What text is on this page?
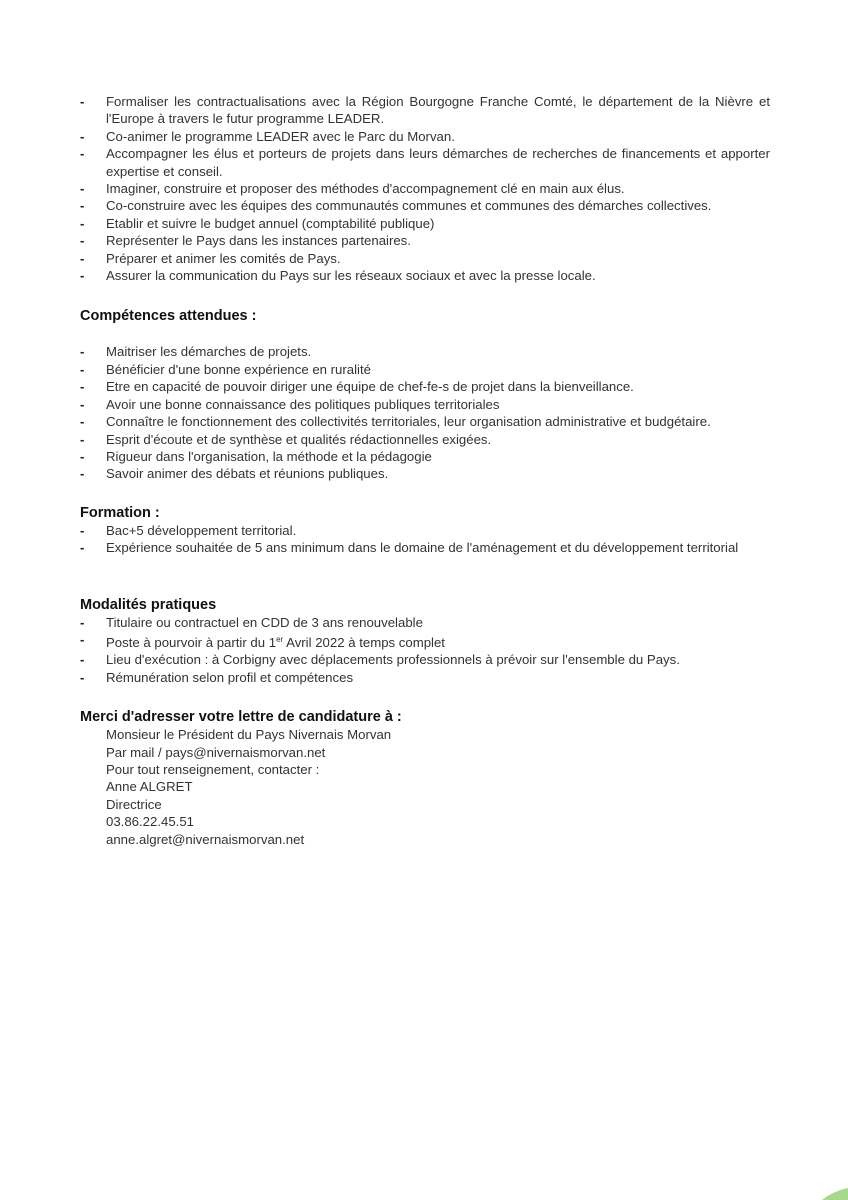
- Formaliser les contractualisations avec la Région Bourgogne Franche Comté, le département de la Nièvre et l'Europe à travers le futur programme LEADER.
- Co-animer le programme LEADER avec le Parc du Morvan.
- Accompagner les élus et porteurs de projets dans leurs démarches de recherches de financements et apporter expertise et conseil.
- Imaginer, construire et proposer des méthodes d'accompagnement clé en main aux élus.
- Co-construire avec les équipes des communautés communes et communes des démarches collectives.
- Etablir et suivre le budget annuel (comptabilité publique)
- Représenter le Pays dans les instances partenaires.
- Préparer et animer les comités de Pays.
- Assurer la communication du Pays sur les réseaux sociaux et avec la presse locale.
Compétences attendues :
- Maitriser les démarches de projets.
- Bénéficier d'une bonne expérience en ruralité
- Etre en capacité de pouvoir diriger une équipe de chef-fe-s de projet dans la bienveillance.
- Avoir une bonne connaissance des politiques publiques territoriales
- Connaître le fonctionnement des collectivités territoriales, leur organisation administrative et budgétaire.
- Esprit d'écoute et de synthèse et qualités rédactionnelles exigées.
- Rigueur dans l'organisation, la méthode et la pédagogie
- Savoir animer des débats et réunions publiques.
Formation :
- Bac+5 développement territorial.
- Expérience souhaitée de 5 ans minimum dans le domaine de l'aménagement et du développement territorial
Modalités pratiques
- Titulaire ou contractuel en CDD de 3 ans renouvelable
- Poste à pourvoir à partir du 1er Avril 2022 à temps complet
- Lieu d'exécution : à Corbigny avec déplacements professionnels à prévoir sur l'ensemble du Pays.
- Rémunération selon profil et compétences
Merci d'adresser votre lettre de candidature à :
Monsieur le Président du Pays Nivernais Morvan
Par mail / pays@nivernaismorvan.net
Pour tout renseignement, contacter :
Anne ALGRET
Directrice
03.86.22.45.51
anne.algret@nivernaismorvan.net
